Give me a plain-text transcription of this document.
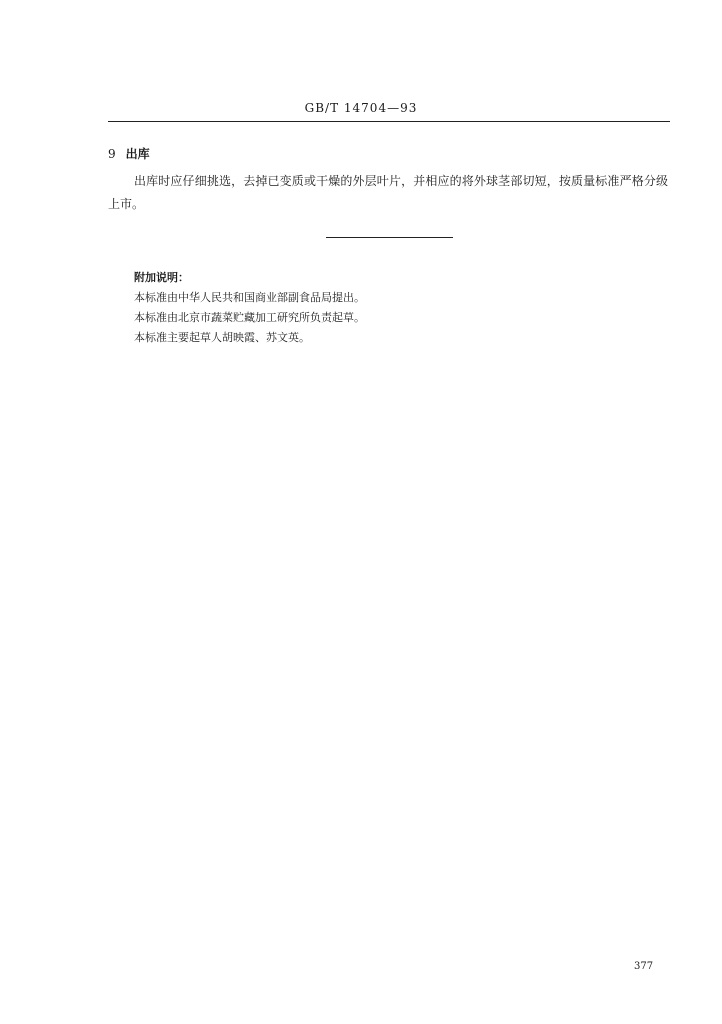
GB/T 14704—93
9 出库
出库时应仔细挑选，去掉已变质或干燥的外层叶片，并相应的将外球茎部切短，按质量标准严格分级上市。
附加说明：
本标准由中华人民共和国商业部副食品局提出。
本标准由北京市蔬菜贮藏加工研究所负责起草。
本标准主要起草人胡映霞、苏文英。
377
